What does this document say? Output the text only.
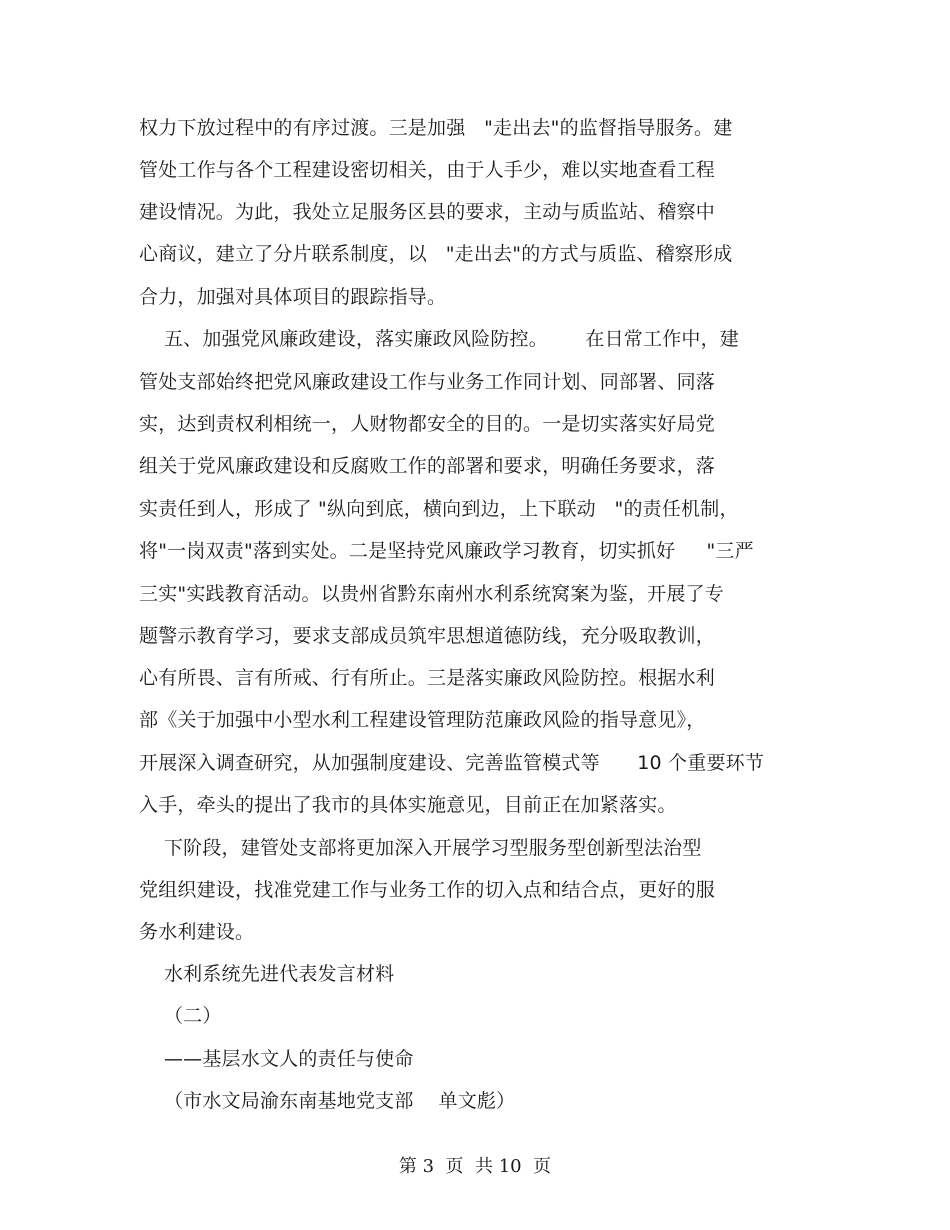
权力下放过程中的有序过渡。三是加强   "走出去"的监督指导服务。建
管处工作与各个工程建设密切相关，由于人手少，难以实地查看工程
建设情况。为此，我处立足服务区县的要求，主动与质监站、稽察中
心商议，建立了分片联系制度，以   "走出去"的方式与质监、稽察形成
合力，加强对具体项目的跟踪指导。
五、加强党风廉政建设，落实廉政风险防控。      在日常工作中，建
管处支部始终把党风廉政建设工作与业务工作同计划、同部署、同落
实，达到责权利相统一，人财物都安全的目的。一是切实落实好局党
组关于党风廉政建设和反腐败工作的部署和要求，明确任务要求，落
实责任到人，形成了 "纵向到底，横向到边，上下联动   "的责任机制，
将"一岗双责"落到实处。二是坚持党风廉政学习教育，切实抓好     "三严
三实"实践教育活动。以贵州省黔东南州水利系统窝案为鉴，开展了专
题警示教育学习，要求支部成员筑牢思想道德防线，充分吸取教训，
心有所畏、言有所戒、行有所止。三是落实廉政风险防控。根据水利
部《关于加强中小型水利工程建设管理防范廉政风险的指导意见》，
开展深入调查研究，从加强制度建设、完善监管模式等      10 个重要环节
入手，牵头的提出了我市的具体实施意见，目前正在加紧落实。
下阶段，建管处支部将更加深入开展学习型服务型创新型法治型
党组织建设，找准党建工作与业务工作的切入点和结合点，更好的服
务水利建设。
水利系统先进代表发言材料
（二）
——基层水文人的责任与使命
（市水文局渝东南基地党支部    单文彪）
第 3  页  共 10  页
